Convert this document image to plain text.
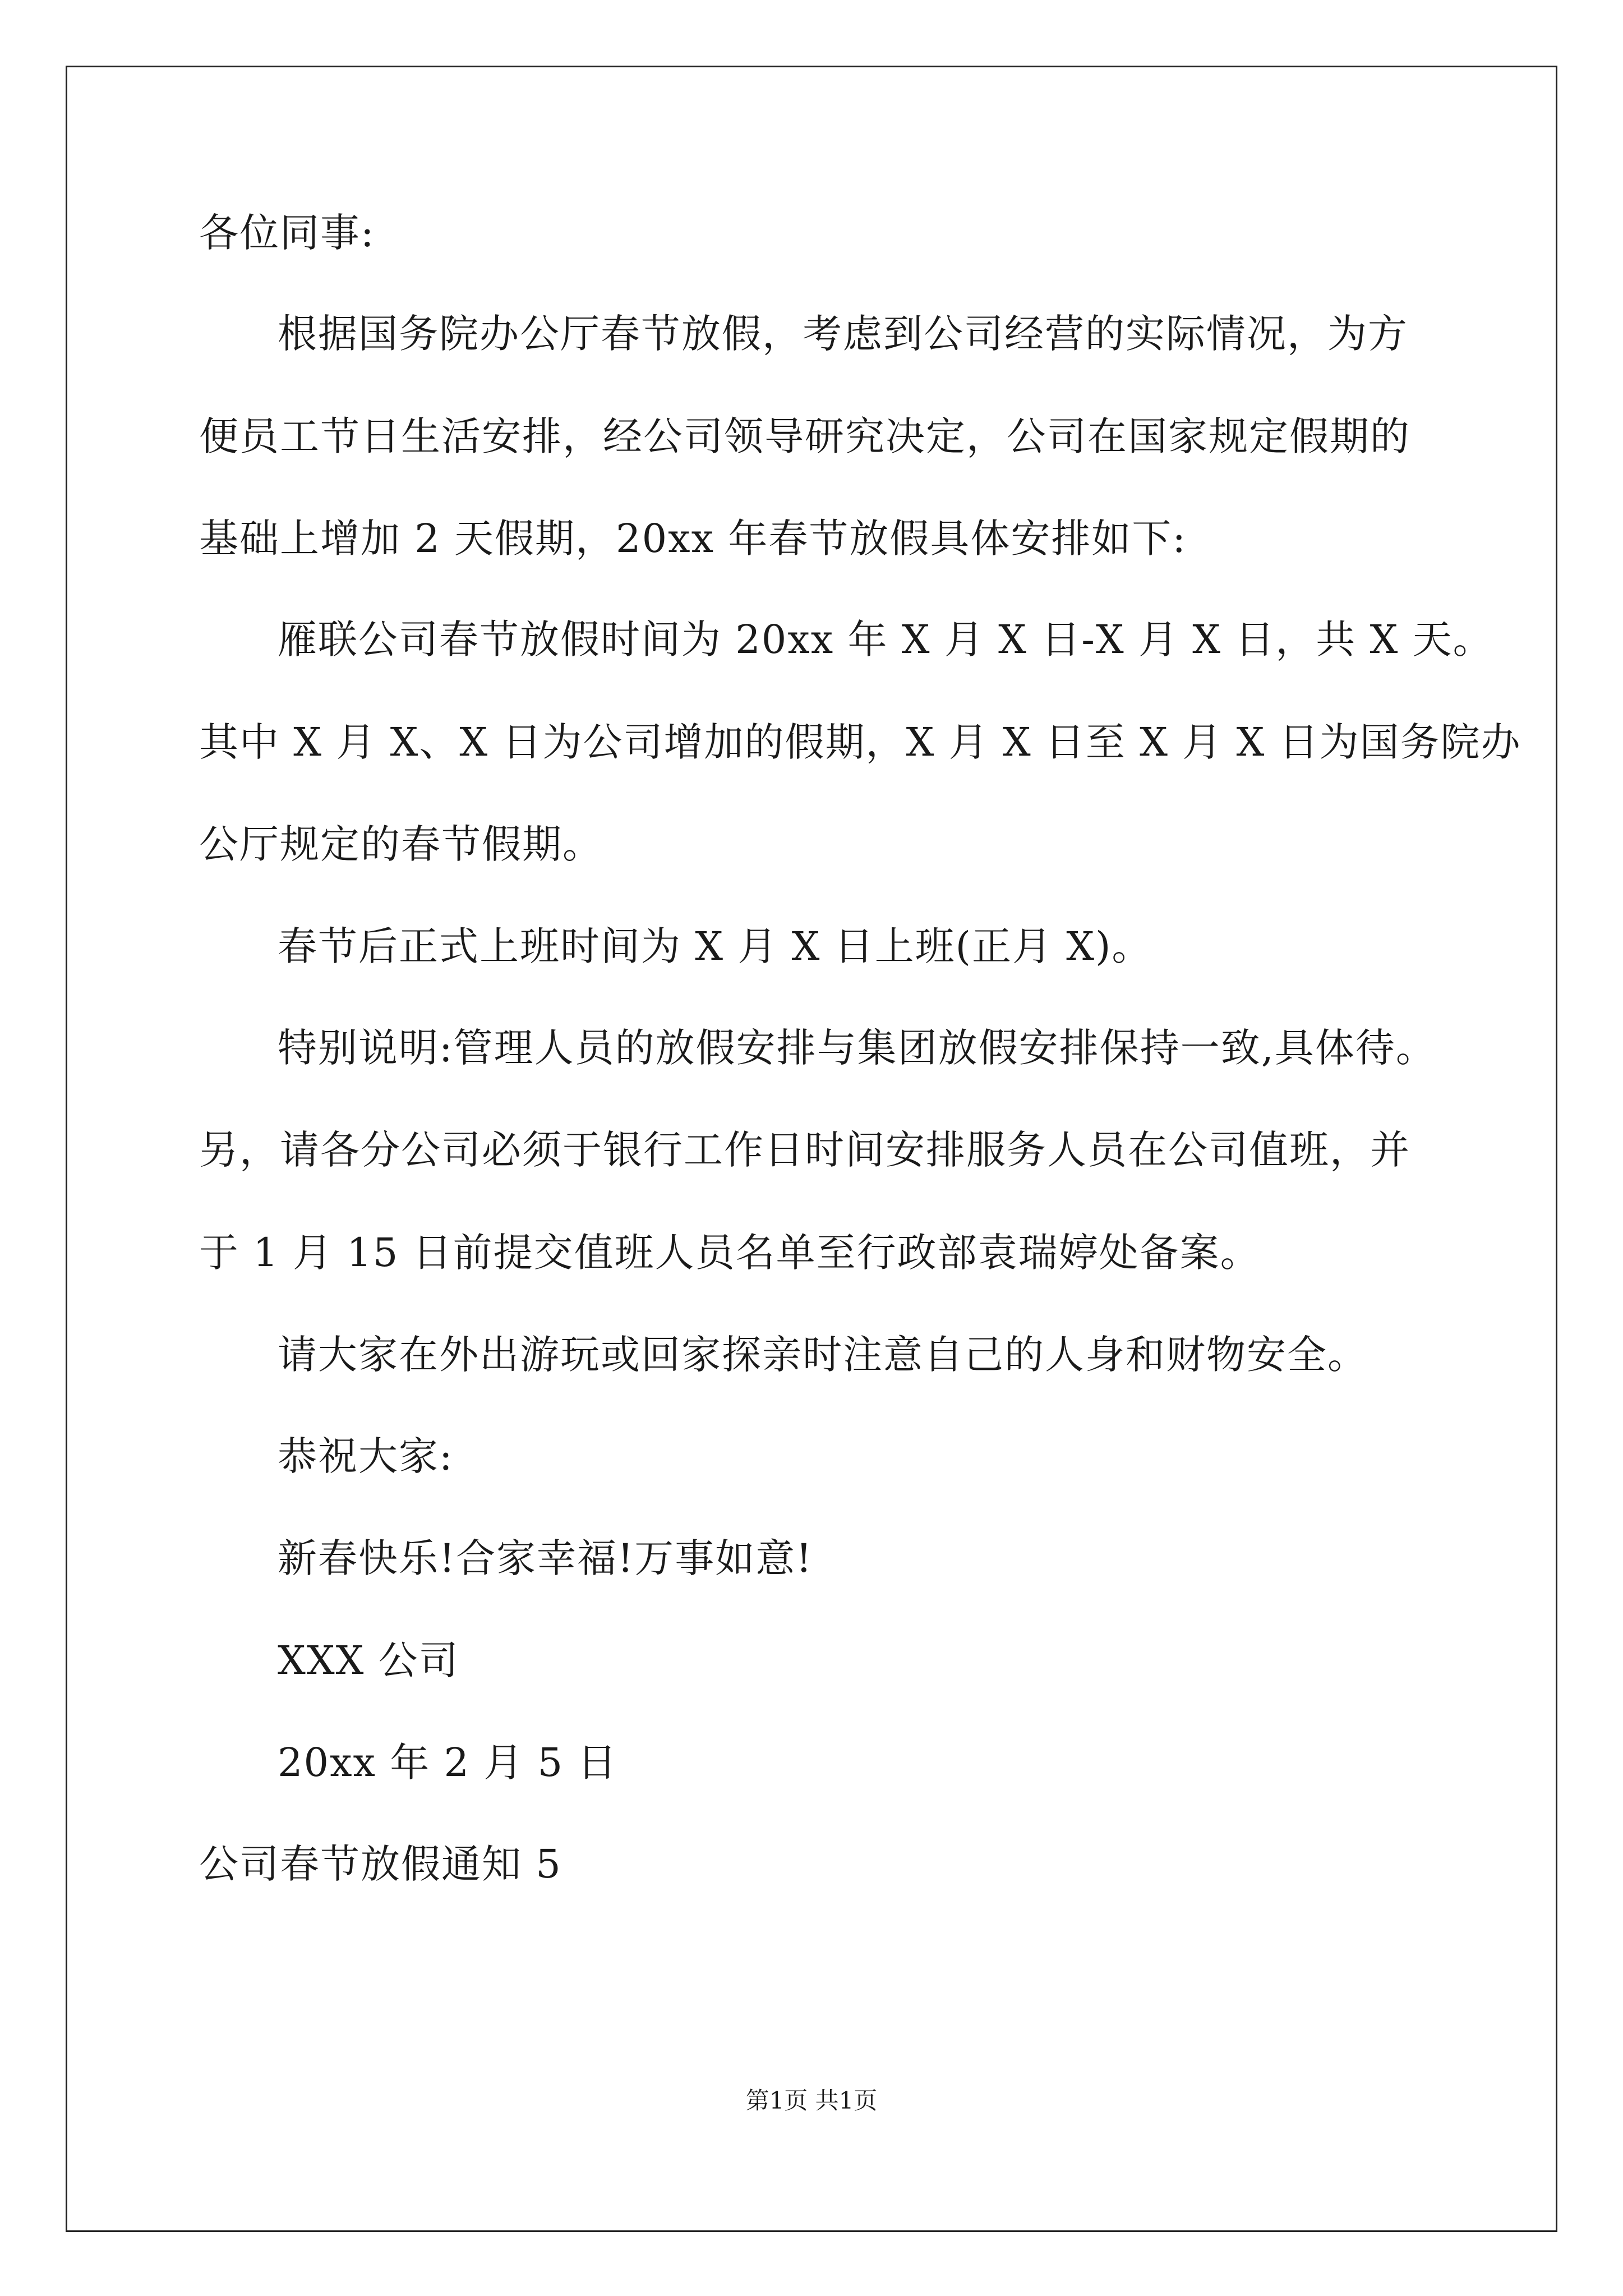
各位同事:
根据国务院办公厅春节放假，考虑到公司经营的实际情况，为方
便员工节日生活安排，经公司领导研究决定，公司在国家规定假期的
基础上增加 2 天假期，20xx 年春节放假具体安排如下:
雁联公司春节放假时间为 20xx 年 X 月 X 日-X 月 X 日，共 X 天。
其中 X 月 X、X 日为公司增加的假期，X 月 X 日至 X 月 X 日为国务院办
公厅规定的春节假期。
春节后正式上班时间为 X 月 X 日上班(正月 X)。
特别说明:管理人员的放假安排与集团放假安排保持一致,具体待。
另，请各分公司必须于银行工作日时间安排服务人员在公司值班，并
于 1 月 15 日前提交值班人员名单至行政部袁瑞婷处备案。
请大家在外出游玩或回家探亲时注意自己的人身和财物安全。
恭祝大家:
新春快乐!合家幸福!万事如意!
XXX 公司
20xx 年 2 月 5 日
公司春节放假通知 5
第1页 共1页
